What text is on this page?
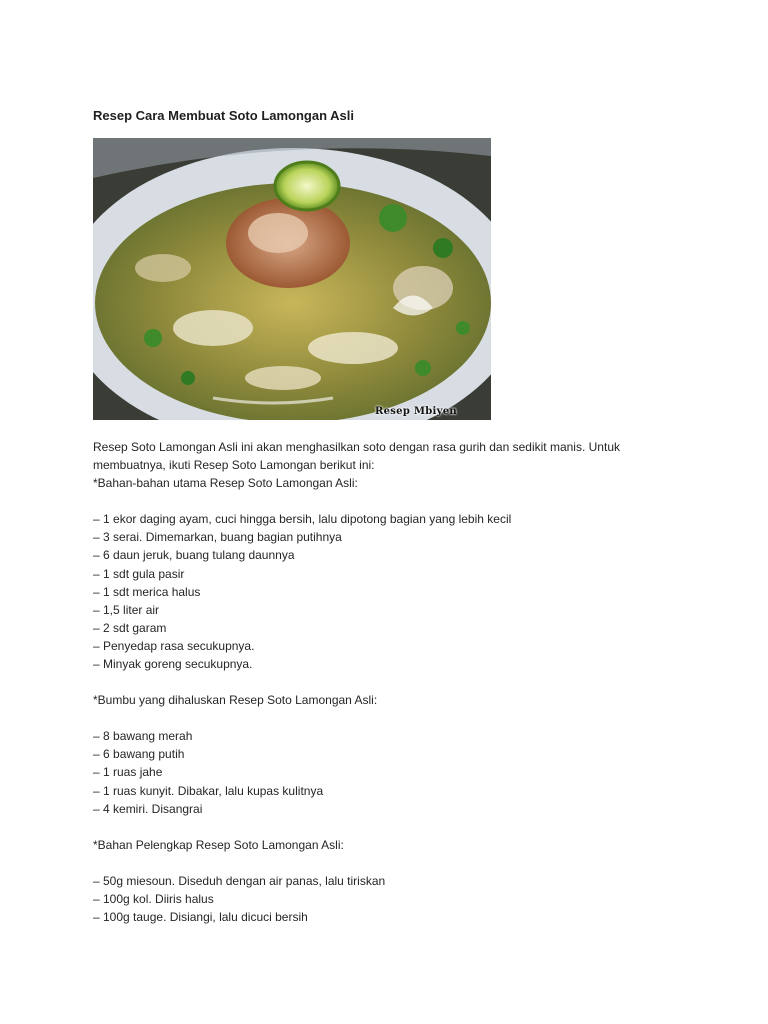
Resep Cara Membuat Soto Lamongan Asli
Resep Mbiyen

Resep Soto Lamongan Asli ini akan menghasilkan soto dengan rasa gurih dan sedikit manis. Untuk

membuatnya, ikuti Resep Soto Lamongan berikut ini:

*Bahan-bahan utama Resep Soto Lamongan Asli:

– 1 ekor daging ayam, cuci hingga bersih, lalu dipotong bagian yang lebih kecil
– 3 serai. Dimemarkan, buang bagian putihnya
– 6 daun jeruk, buang tulang daunnya
– 1 sdt gula pasir
– 1 sdt merica halus
– 1,5 liter air
– 2 sdt garam
– Penyedap rasa secukupnya.
– Minyak goreng secukupnya.

*Bumbu yang dihaluskan Resep Soto Lamongan Asli:

– 8 bawang merah
– 6 bawang putih
– 1 ruas jahe
– 1 ruas kunyit. Dibakar, lalu kupas kulitnya
– 4 kemiri. Disangrai

*Bahan Pelengkap Resep Soto Lamongan Asli:

– 50g miesoun. Diseduh dengan air panas, lalu tiriskan
– 100g kol. Diiris halus
– 100g tauge. Disiangi, lalu dicuci bersih
